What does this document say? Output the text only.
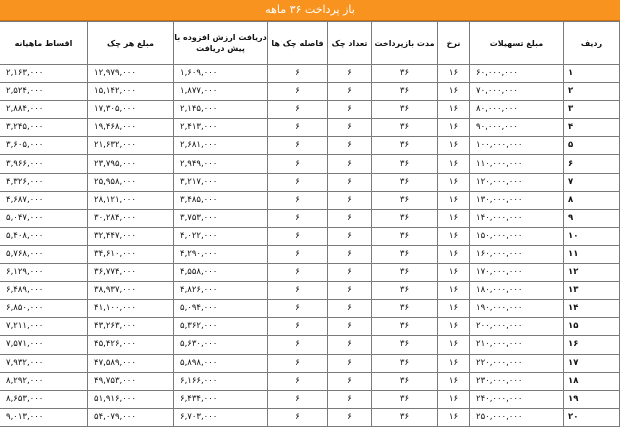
باز پرداخت ۳۶ ماهه
ردیف	مبلغ تسهیلات	نرخ	مدت بازپرداخت	تعداد چک	فاصله چک ها	دریافت ارزش افزوده با پیش دریافت	مبلغ هر چک	اقساط ماهیانه
۱	۶۰,۰۰۰,۰۰۰	۱۶	۳۶	۶	۶	۱,۶۰۹,۰۰۰	۱۲,۹۷۹,۰۰۰	۲,۱۶۳,۰۰۰
۲	۷۰,۰۰۰,۰۰۰	۱۶	۳۶	۶	۶	۱,۸۷۷,۰۰۰	۱۵,۱۴۲,۰۰۰	۲,۵۲۴,۰۰۰
۳	۸۰,۰۰۰,۰۰۰	۱۶	۳۶	۶	۶	۲,۱۴۵,۰۰۰	۱۷,۳۰۵,۰۰۰	۲,۸۸۴,۰۰۰
۴	۹۰,۰۰۰,۰۰۰	۱۶	۳۶	۶	۶	۲,۴۱۳,۰۰۰	۱۹,۴۶۸,۰۰۰	۳,۲۴۵,۰۰۰
۵	۱۰۰,۰۰۰,۰۰۰	۱۶	۳۶	۶	۶	۲,۶۸۱,۰۰۰	۲۱,۶۳۲,۰۰۰	۳,۶۰۵,۰۰۰
۶	۱۱۰,۰۰۰,۰۰۰	۱۶	۳۶	۶	۶	۲,۹۴۹,۰۰۰	۲۳,۷۹۵,۰۰۰	۳,۹۶۶,۰۰۰
۷	۱۲۰,۰۰۰,۰۰۰	۱۶	۳۶	۶	۶	۳,۲۱۷,۰۰۰	۲۵,۹۵۸,۰۰۰	۴,۳۲۶,۰۰۰
۸	۱۳۰,۰۰۰,۰۰۰	۱۶	۳۶	۶	۶	۳,۴۸۵,۰۰۰	۲۸,۱۲۱,۰۰۰	۴,۶۸۷,۰۰۰
۹	۱۴۰,۰۰۰,۰۰۰	۱۶	۳۶	۶	۶	۳,۷۵۳,۰۰۰	۳۰,۲۸۴,۰۰۰	۵,۰۴۷,۰۰۰
۱۰	۱۵۰,۰۰۰,۰۰۰	۱۶	۳۶	۶	۶	۴,۰۲۲,۰۰۰	۳۲,۴۴۷,۰۰۰	۵,۴۰۸,۰۰۰
۱۱	۱۶۰,۰۰۰,۰۰۰	۱۶	۳۶	۶	۶	۴,۲۹۰,۰۰۰	۳۴,۶۱۰,۰۰۰	۵,۷۶۸,۰۰۰
۱۲	۱۷۰,۰۰۰,۰۰۰	۱۶	۳۶	۶	۶	۴,۵۵۸,۰۰۰	۳۶,۷۷۴,۰۰۰	۶,۱۲۹,۰۰۰
۱۳	۱۸۰,۰۰۰,۰۰۰	۱۶	۳۶	۶	۶	۴,۸۲۶,۰۰۰	۳۸,۹۳۷,۰۰۰	۶,۴۸۹,۰۰۰
۱۴	۱۹۰,۰۰۰,۰۰۰	۱۶	۳۶	۶	۶	۵,۰۹۴,۰۰۰	۴۱,۱۰۰,۰۰۰	۶,۸۵۰,۰۰۰
۱۵	۲۰۰,۰۰۰,۰۰۰	۱۶	۳۶	۶	۶	۵,۳۶۲,۰۰۰	۴۳,۲۶۳,۰۰۰	۷,۲۱۱,۰۰۰
۱۶	۲۱۰,۰۰۰,۰۰۰	۱۶	۳۶	۶	۶	۵,۶۳۰,۰۰۰	۴۵,۴۲۶,۰۰۰	۷,۵۷۱,۰۰۰
۱۷	۲۲۰,۰۰۰,۰۰۰	۱۶	۳۶	۶	۶	۵,۸۹۸,۰۰۰	۴۷,۵۸۹,۰۰۰	۷,۹۳۲,۰۰۰
۱۸	۲۳۰,۰۰۰,۰۰۰	۱۶	۳۶	۶	۶	۶,۱۶۶,۰۰۰	۴۹,۷۵۳,۰۰۰	۸,۲۹۲,۰۰۰
۱۹	۲۴۰,۰۰۰,۰۰۰	۱۶	۳۶	۶	۶	۶,۴۳۴,۰۰۰	۵۱,۹۱۶,۰۰۰	۸,۶۵۳,۰۰۰
۲۰	۲۵۰,۰۰۰,۰۰۰	۱۶	۳۶	۶	۶	۶,۷۰۳,۰۰۰	۵۴,۰۷۹,۰۰۰	۹,۰۱۳,۰۰۰
